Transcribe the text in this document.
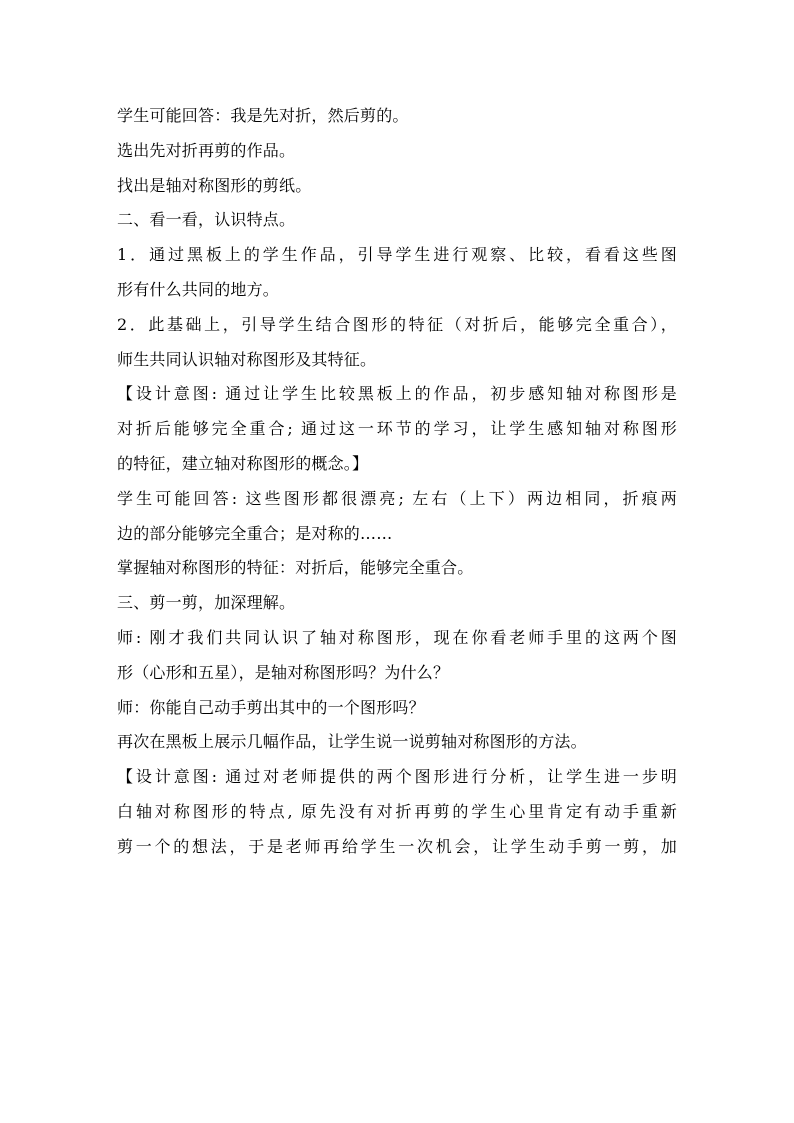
学生可能回答：我是先对折，然后剪的。

选出先对折再剪的作品。

找出是轴对称图形的剪纸。

二、看一看，认识特点。

1．通过黑板上的学生作品，引导学生进行观察、比较，看看这些图
形有什么共同的地方。

2．此基础上，引导学生结合图形的特征（对折后，能够完全重合），
师生共同认识轴对称图形及其特征。

【设计意图: 通过让学生比较黑板上的作品，初步感知轴对称图形是
对折后能够完全重合; 通过这一环节的学习，让学生感知轴对称图形
的特征，建立轴对称图形的概念。】

学生可能回答: 这些图形都很漂亮; 左右（上下）两边相同，折痕两
边的部分能够完全重合；是对称的……

掌握轴对称图形的特征：对折后，能够完全重合。

三、剪一剪，加深理解。

师: 刚才我们共同认识了轴对称图形，现在你看老师手里的这两个图
形（心形和五星），是轴对称图形吗？为什么？

师：你能自己动手剪出其中的一个图形吗？

再次在黑板上展示几幅作品，让学生说一说剪轴对称图形的方法。

【设计意图: 通过对老师提供的两个图形进行分析，让学生进一步明
白轴对称图形的特点, 原先没有对折再剪的学生心里肯定有动手重新
剪一个的想法，于是老师再给学生一次机会，让学生动手剪一剪，加
